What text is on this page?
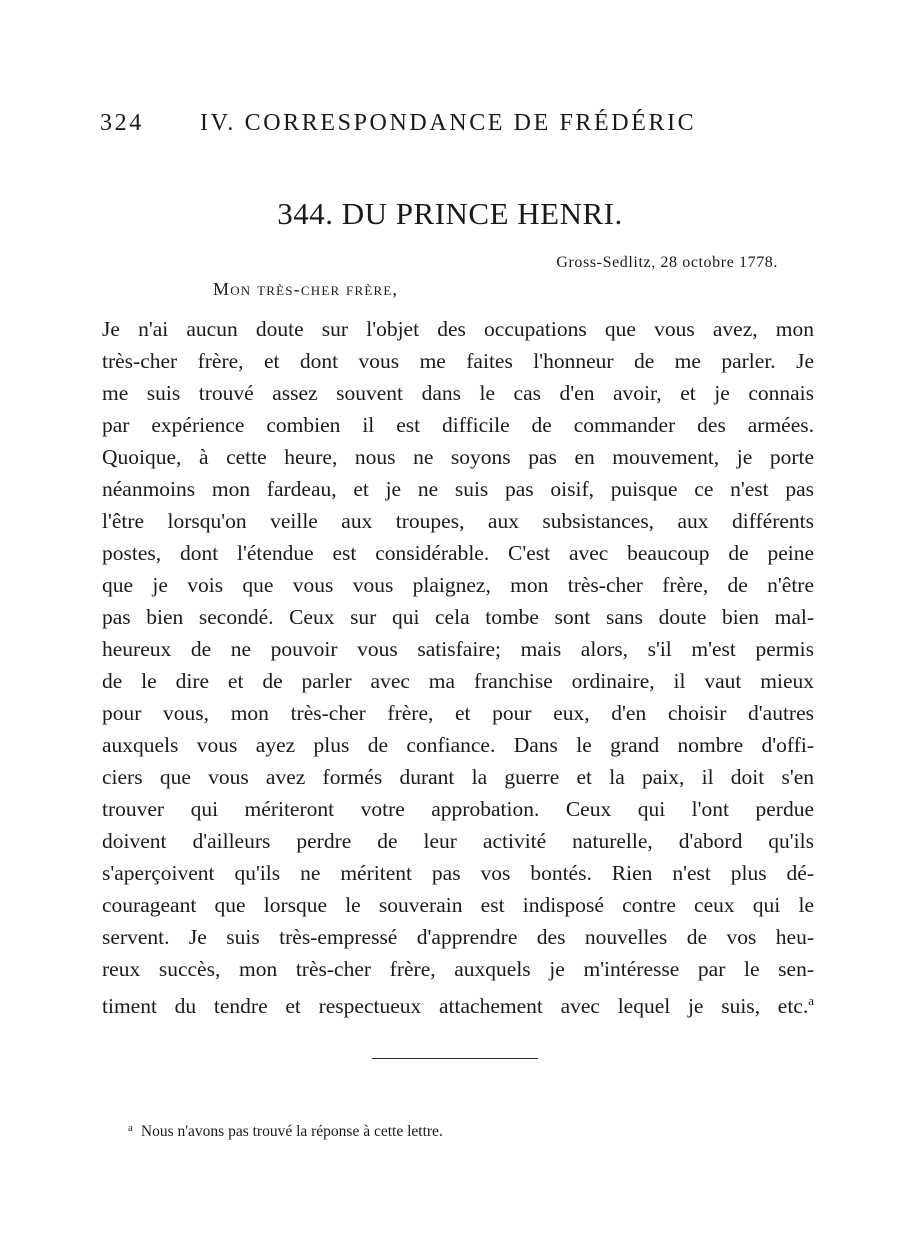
324 IV. CORRESPONDANCE DE FRÉDÉRIC
344. DU PRINCE HENRI.
Gross-Sedlitz, 28 octobre 1778.
Mon très-cher frère,
Je n'ai aucun doute sur l'objet des occupations que vous avez, mon
très-cher frère, et dont vous me faites l'honneur de me parler. Je
me suis trouvé assez souvent dans le cas d'en avoir, et je connais
par expérience combien il est difficile de commander des armées.
Quoique, à cette heure, nous ne soyons pas en mouvement, je porte
néanmoins mon fardeau, et je ne suis pas oisif, puisque ce n'est pas
l'être lorsqu'on veille aux troupes, aux subsistances, aux différents
postes, dont l'étendue est considérable. C'est avec beaucoup de peine
que je vois que vous vous plaignez, mon très-cher frère, de n'être
pas bien secondé. Ceux sur qui cela tombe sont sans doute bien mal-
heureux de ne pouvoir vous satisfaire; mais alors, s'il m'est permis
de le dire et de parler avec ma franchise ordinaire, il vaut mieux
pour vous, mon très-cher frère, et pour eux, d'en choisir d'autres
auxquels vous ayez plus de confiance. Dans le grand nombre d'offi-
ciers que vous avez formés durant la guerre et la paix, il doit s'en
trouver qui mériteront votre approbation. Ceux qui l'ont perdue
doivent d'ailleurs perdre de leur activité naturelle, d'abord qu'ils
s'aperçoivent qu'ils ne méritent pas vos bontés. Rien n'est plus dé-
courageant que lorsque le souverain est indisposé contre ceux qui le
servent. Je suis très-empressé d'apprendre des nouvelles de vos heu-
reux succès, mon très-cher frère, auxquels je m'intéresse par le sen-
timent du tendre et respectueux attachement avec lequel je suis, etc.$^a$
$^a$ Nous n'avons pas trouvé la réponse à cette lettre.
